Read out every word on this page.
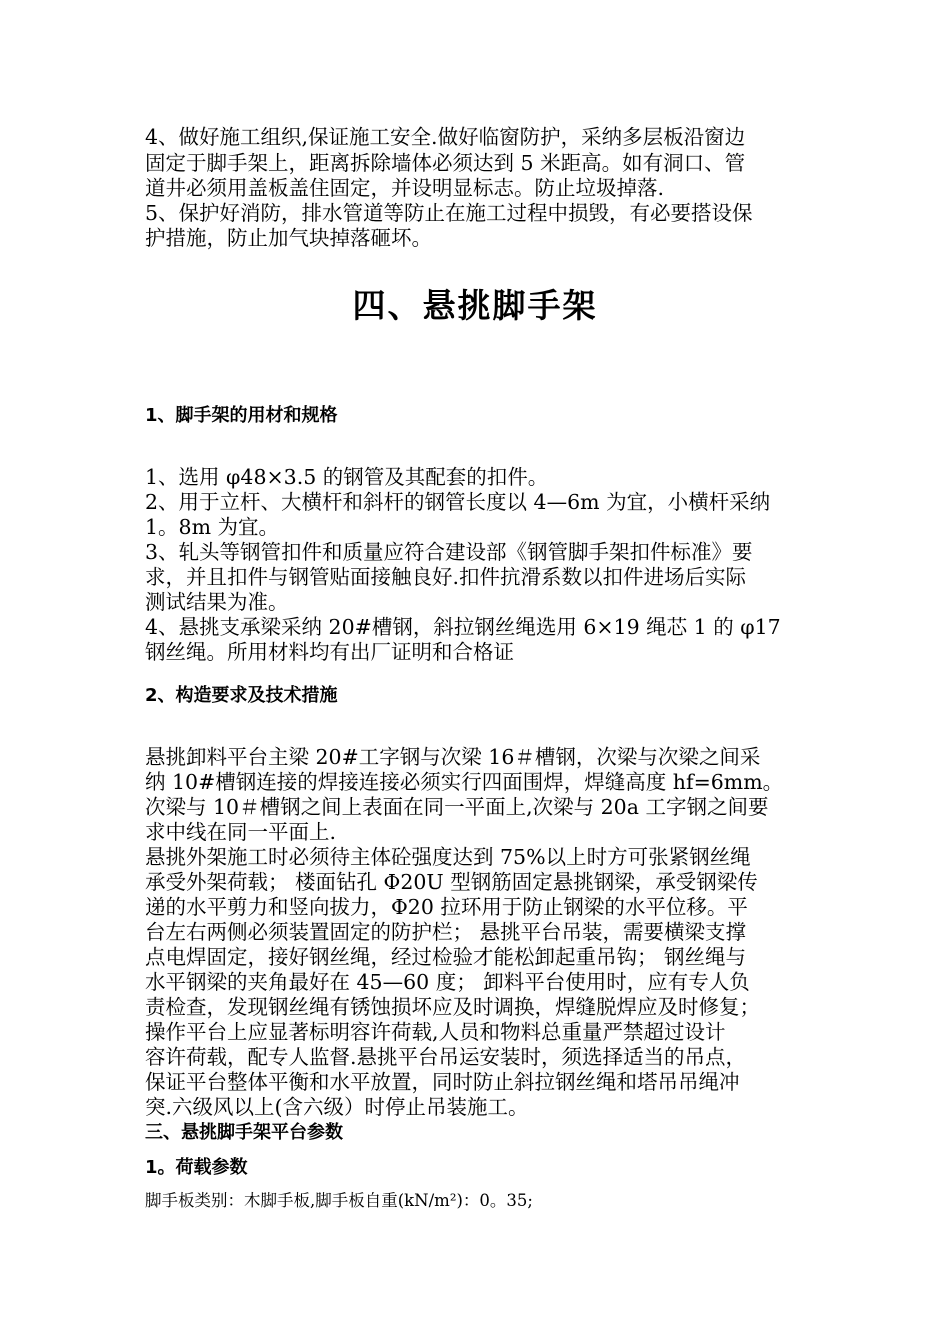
4、做好施工组织,保证施工安全.做好临窗防护，采纳多层板沿窗边
固定于脚手架上，距离拆除墙体必须达到 5 米距高。如有洞口、管
道井必须用盖板盖住固定，并设明显标志。防止垃圾掉落.
5、保护好消防，排水管道等防止在施工过程中损毁，有必要搭设保
护措施，防止加气块掉落砸坏。
四、悬挑脚手架
1、脚手架的用材和规格
1、选用 φ48×3.5 的钢管及其配套的扣件。
2、用于立杆、大横杆和斜杆的钢管长度以 4—6m 为宜，小横杆采纳
1。8m 为宜。
3、轧头等钢管扣件和质量应符合建设部《钢管脚手架扣件标准》要
求，并且扣件与钢管贴面接触良好.扣件抗滑系数以扣件进场后实际
测试结果为准。
4、悬挑支承梁采纳 20#槽钢，斜拉钢丝绳选用 6×19 绳芯 1 的 φ17
钢丝绳。所用材料均有出厂证明和合格证
2、构造要求及技术措施
悬挑卸料平台主梁 20#工字钢与次梁 16＃槽钢，次梁与次梁之间采
纳 10#槽钢连接的焊接连接必须实行四面围焊，焊缝高度 hf=6mm。
次梁与 10＃槽钢之间上表面在同一平面上,次梁与 20a 工字钢之间要
求中线在同一平面上.
悬挑外架施工时必须待主体砼强度达到 75%以上时方可张紧钢丝绳
承受外架荷载； 楼面钻孔 Φ20U 型钢筋固定悬挑钢梁，承受钢梁传
递的水平剪力和竖向拔力，Φ20 拉环用于防止钢梁的水平位移。平
台左右两侧必须装置固定的防护栏； 悬挑平台吊装，需要横梁支撑
点电焊固定，接好钢丝绳，经过检验才能松卸起重吊钩； 钢丝绳与
水平钢梁的夹角最好在 45—60 度； 卸料平台使用时，应有专人负
责检查，发现钢丝绳有锈蚀损坏应及时调换，焊缝脱焊应及时修复；
操作平台上应显著标明容许荷载,人员和物料总重量严禁超过设计
容许荷载，配专人监督.悬挑平台吊运安装时，须选择适当的吊点，
保证平台整体平衡和水平放置，同时防止斜拉钢丝绳和塔吊吊绳冲
突.六级风以上(含六级）时停止吊装施工。
三、悬挑脚手架平台参数
1。荷载参数
脚手板类别：木脚手板,脚手板自重(kN/m²)：0。35;
